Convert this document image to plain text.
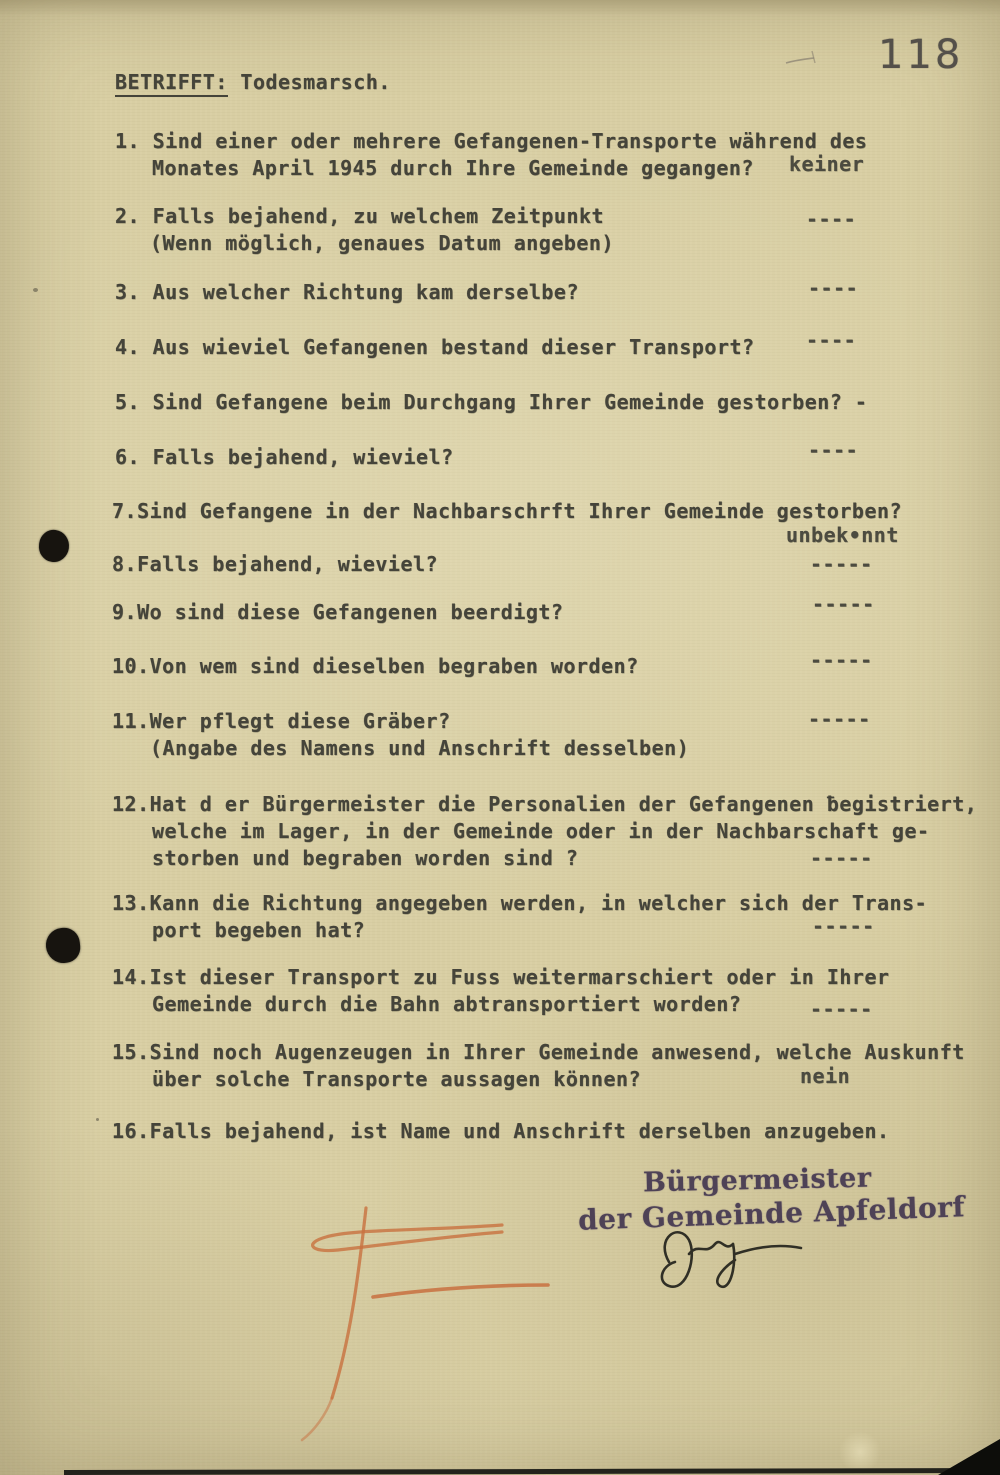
118
BETRIFFT: Todesmarsch.
1. Sind einer oder mehrere Gefangenen-Transporte während des
Monates April 1945 durch Ihre Gemeinde gegangen? keiner
2. Falls bejahend, zu welchem Zeitpunkt
(Wenn möglich, genaues Datum angeben)
----
3. Aus welcher Richtung kam derselbe?	----
4. Aus wieviel Gefangenen bestand dieser Transport?	----
5. Sind Gefangene beim Durchgang Ihrer Gemeinde gestorben? -
6. Falls bejahend, wieviel?	----
7.Sind Gefangene in der Nachbarschrft Ihrer Gemeinde gestorben?
unbek•nnt
8.Falls bejahend, wieviel?	-----
9.Wo sind diese Gefangenen beerdigt?	-----
10.Von wem sind dieselben begraben worden?	-----
11.Wer pflegt diese Gräber?
(Angabe des Namens und Anschrift desselben)
-----
12.Hat d er Bürgermeister die Personalien der Gefangenen ƀegistriert,
welche im Lager, in der Gemeinde oder in der Nachbarschaft ge-
storben und begraben worden sind ?	-----
13.Kann die Richtung angegeben werden, in welcher sich der Trans-
port begeben hat?	-----
14.Ist dieser Transport zu Fuss weitermarschiert oder in Ihrer
Gemeinde durch die Bahn abtransportiert worden?	-----
15.Sind noch Augenzeugen in Ihrer Gemeinde anwesend, welche Auskunft
über solche Transporte aussagen können?	nein
16.Falls bejahend, ist Name und Anschrift derselben anzugeben.
Bürgermeister
der Gemeinde Apfeldorf
